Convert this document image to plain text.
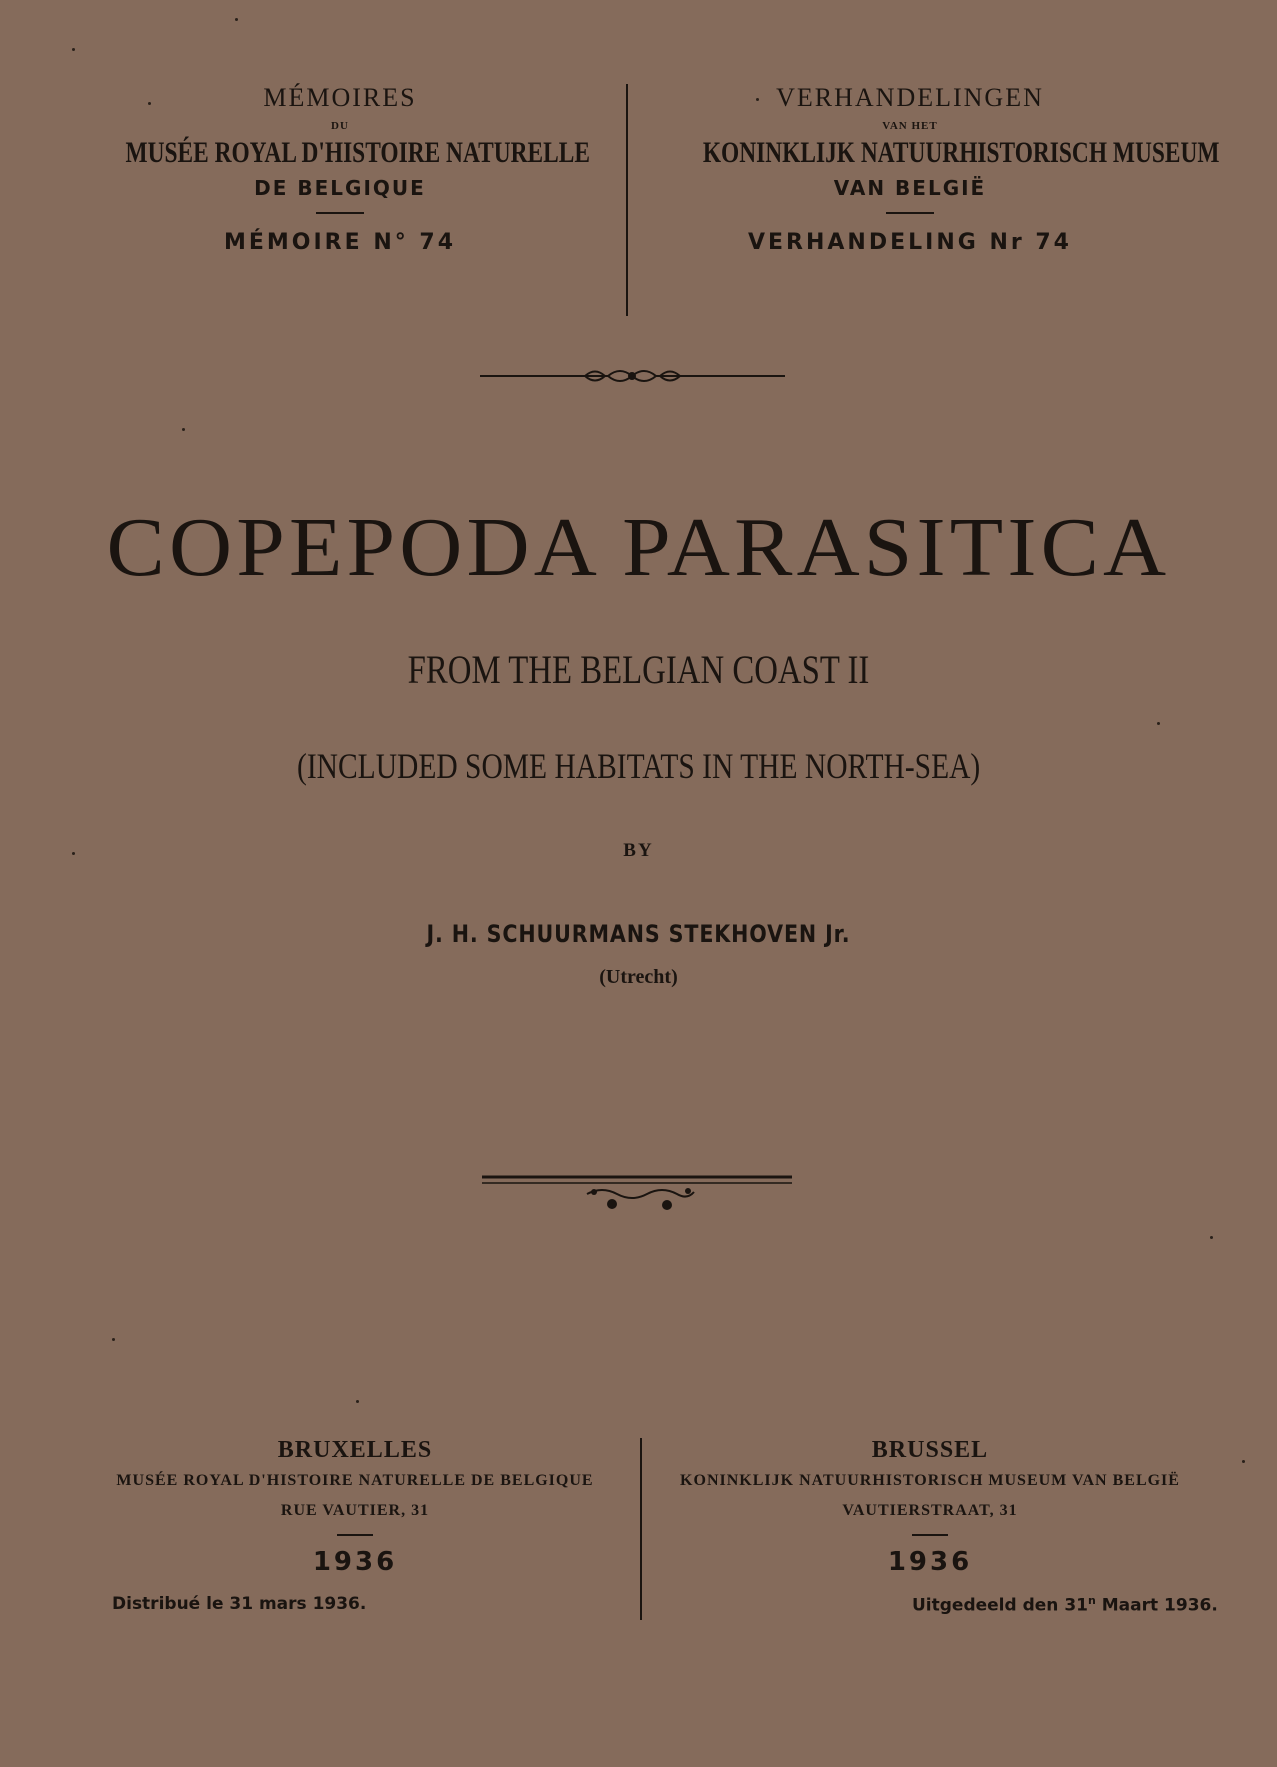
MÉMOIRES
DU
MUSÉE ROYAL D'HISTOIRE NATURELLE
DE BELGIQUE
MÉMOIRE N° 74
VERHANDELINGEN
VAN HET
KONINKLIJK NATUURHISTORISCH MUSEUM
VAN BELGIË
VERHANDELING Nr 74
COPEPODA PARASITICA
FROM THE BELGIAN COAST II
(INCLUDED SOME HABITATS IN THE NORTH-SEA)
BY
J. H. SCHUURMANS STEKHOVEN Jr.
(Utrecht)
BRUXELLES
MUSÉE ROYAL D'HISTOIRE NATURELLE DE BELGIQUE
RUE VAUTIER, 31
1936
BRUSSEL
KONINKLIJK NATUURHISTORISCH MUSEUM VAN BELGIË
VAUTIERSTRAAT, 31
1936
Distribué le 31 mars 1936.	Uitgedeeld den 31$^n$ Maart 1936.
